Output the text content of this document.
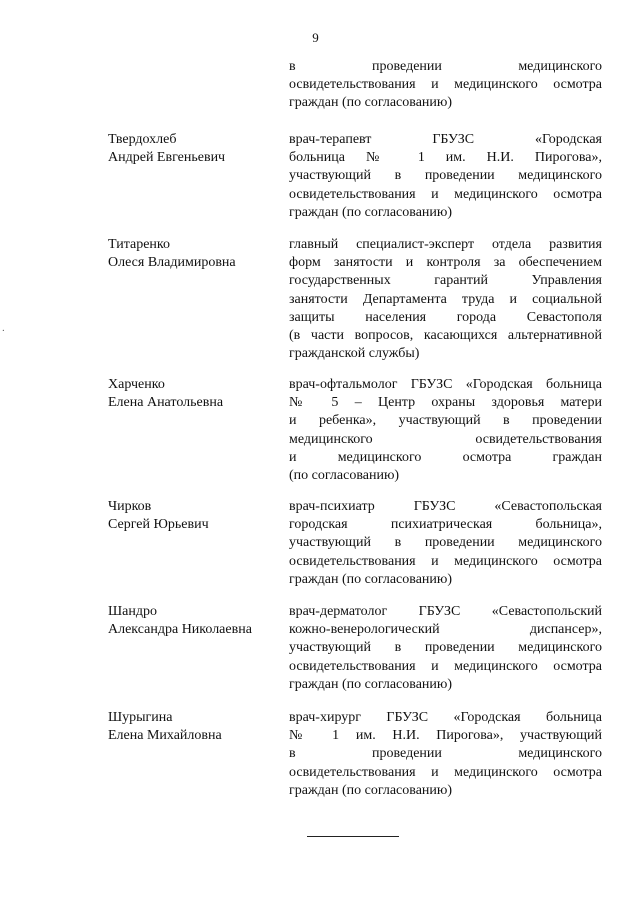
9
в проведении медицинского
освидетельствования и медицинского осмотра
граждан (по согласованию)
Твердохлеб
Андрей Евгеньевич
врач-терапевт ГБУЗС «Городская
больница № 1 им. Н.И. Пирогова»,
участвующий в проведении медицинского
освидетельствования и медицинского осмотра
граждан (по согласованию)
Титаренко
Олеся Владимировна
главный специалист-эксперт отдела развития
форм занятости и контроля за обеспечением
государственных гарантий Управления
занятости Департамента труда и социальной
защиты населения города Севастополя
(в части вопросов, касающихся альтернативной
гражданской службы)
Харченко
Елена Анатольевна
врач-офтальмолог ГБУЗС «Городская больница
№ 5 – Центр охраны здоровья матери
и ребенка», участвующий в проведении
медицинского освидетельствования
и медицинского осмотра граждан
(по согласованию)
Чирков
Сергей Юрьевич
врач-психиатр ГБУЗС «Севастопольская
городская психиатрическая больница»,
участвующий в проведении медицинского
освидетельствования и медицинского осмотра
граждан (по согласованию)
Шандро
Александра Николаевна
врач-дерматолог ГБУЗС «Севастопольский
кожно-венерологический диспансер»,
участвующий в проведении медицинского
освидетельствования и медицинского осмотра
граждан (по согласованию)
Шурыгина
Елена Михайловна
врач-хирург ГБУЗС «Городская больница
№ 1 им. Н.И. Пирогова», участвующий
в проведении медицинского
освидетельствования и медицинского осмотра
граждан (по согласованию)
.
